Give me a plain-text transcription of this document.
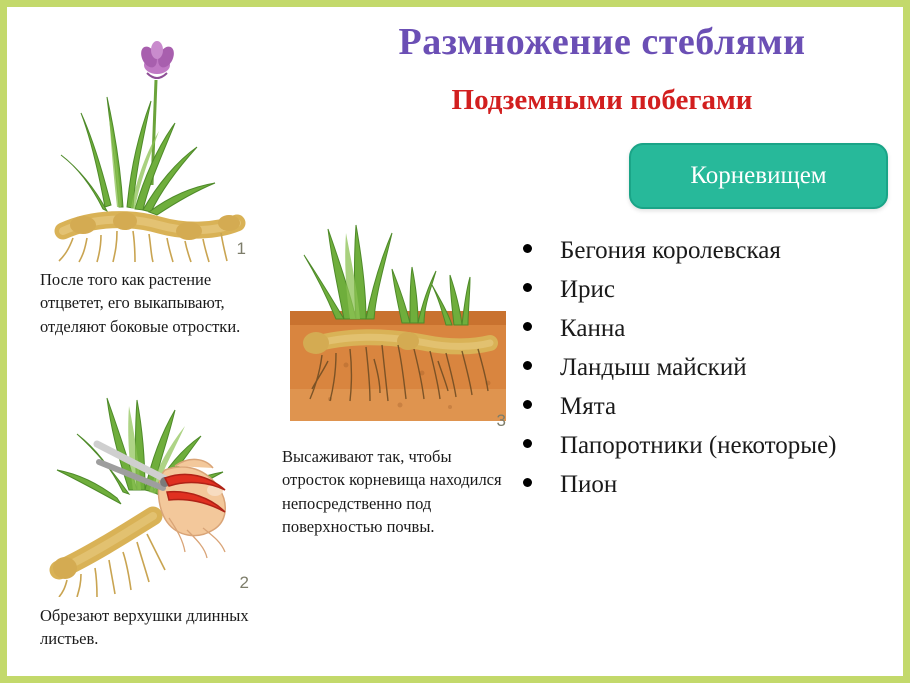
Размножение стеблями
Подземными побегами
Корневищем
Бегония королевская
Ирис
Канна
Ландыш майский
Мята
Папоротники (некоторые)
Пион
1
После того как растение отцветет, его выкапывают, отделяют боковые отростки.
2
Обрезают верхушки длинных листьев.
3
Высаживают так, чтобы отросток корневища находился непосредственно под поверхностью почвы.
